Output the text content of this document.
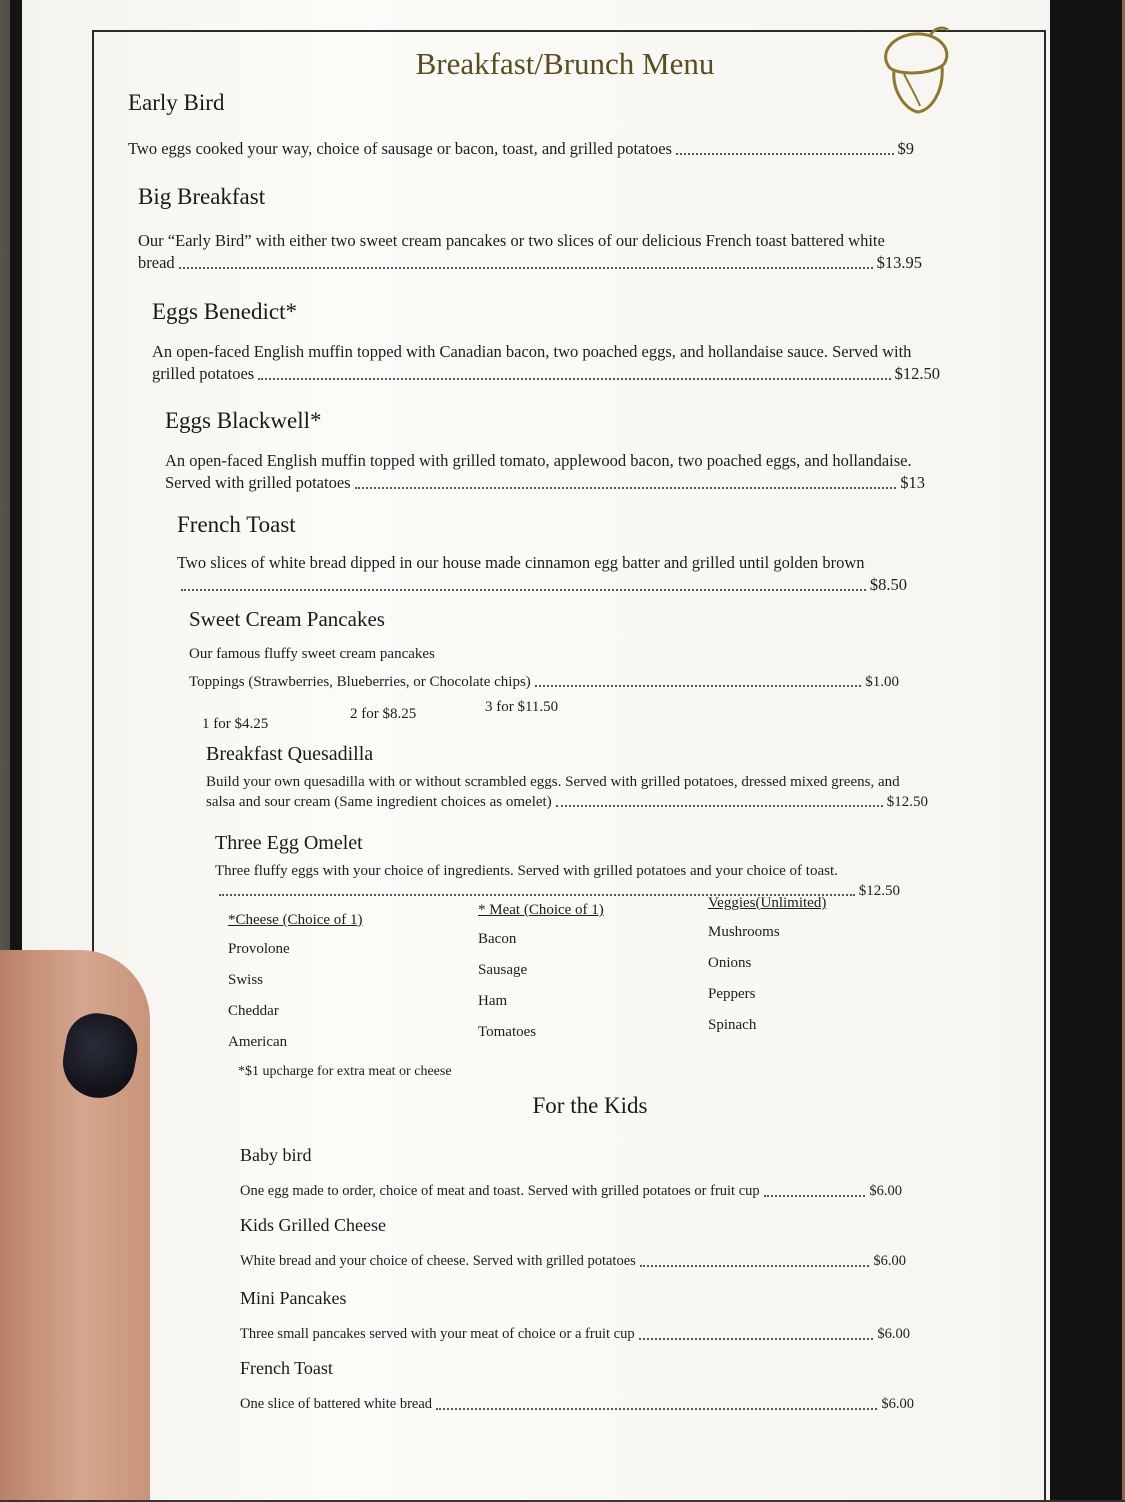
Breakfast/Brunch Menu
Early Bird
Two eggs cooked your way, choice of sausage or bacon, toast, and grilled potatoes	$9
Big Breakfast
Our “Early Bird” with either two sweet cream pancakes or two slices of our delicious French toast battered white
bread	$13.95
Eggs Benedict*
An open-faced English muffin topped with Canadian bacon, two poached eggs, and hollandaise sauce. Served with
grilled potatoes	$12.50
Eggs Blackwell*
An open-faced English muffin topped with grilled tomato, applewood bacon, two poached eggs, and hollandaise.
Served with grilled potatoes	$13
French Toast
Two slices of white bread dipped in our house made cinnamon egg batter and grilled until golden brown
$8.50
Sweet Cream Pancakes
Our famous fluffy sweet cream pancakes
Toppings (Strawberries, Blueberries, or Chocolate chips)	$1.00
1 for $4.25
2 for $8.25	3 for $11.50
Breakfast Quesadilla
Build your own quesadilla with or without scrambled eggs. Served with grilled potatoes, dressed mixed greens, and
salsa and sour cream (Same ingredient choices as omelet)	$12.50
Three Egg Omelet
Three fluffy eggs with your choice of ingredients. Served with grilled potatoes and your choice of toast.
$12.50
*Cheese (Choice of 1)
Provolone
Swiss
Cheddar
American
* Meat (Choice of 1)
Bacon
Sausage
Ham
Tomatoes
Veggies(Unlimited)
Mushrooms
Onions
Peppers
Spinach
*$1 upcharge for extra meat or cheese
For the Kids
Baby bird
One egg made to order, choice of meat and toast. Served with grilled potatoes or fruit cup	$6.00
Kids Grilled Cheese
White bread and your choice of cheese. Served with grilled potatoes	$6.00
Mini Pancakes
Three small pancakes served with your meat of choice or a fruit cup	$6.00
French Toast
One slice of battered white bread	$6.00
